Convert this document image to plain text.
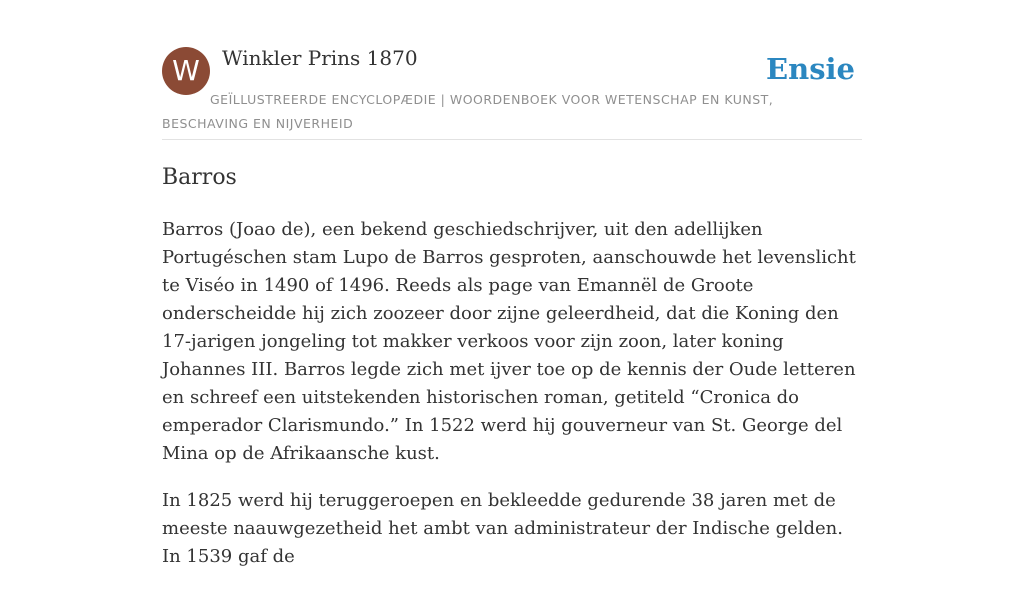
W	Winkler Prins 1870	Ensie
GEÏLLUSTREERDE ENCYCLOPÆDIE | WOORDENBOEK VOOR WETENSCHAP EN KUNST, BESCHAVING EN NIJVERHEID
Barros

Barros (Joao de), een bekend geschiedschrijver, uit den adellijken Portugéschen stam Lupo de Barros gesproten, aanschouwde het levenslicht te Viséo in 1490 of 1496. Reeds als page van Emannël de Groote onderscheidde hij zich zoozeer door zijne geleerdheid, dat die Koning den 17-jarigen jongeling tot makker verkoos voor zijn zoon, later koning Johannes III. Barros legde zich met ijver toe op de kennis der Oude letteren en schreef een uitstekenden historischen roman, getiteld “Cronica do emperador Clarismundo.” In 1522 werd hij gouverneur van St. George del Mina op de Afrikaansche kust.

In 1825 werd hij teruggeroepen en bekleedde gedurende 38 jaren met de meeste naauwgezetheid het ambt van administrateur der Indische gelden. In 1539 gaf de
